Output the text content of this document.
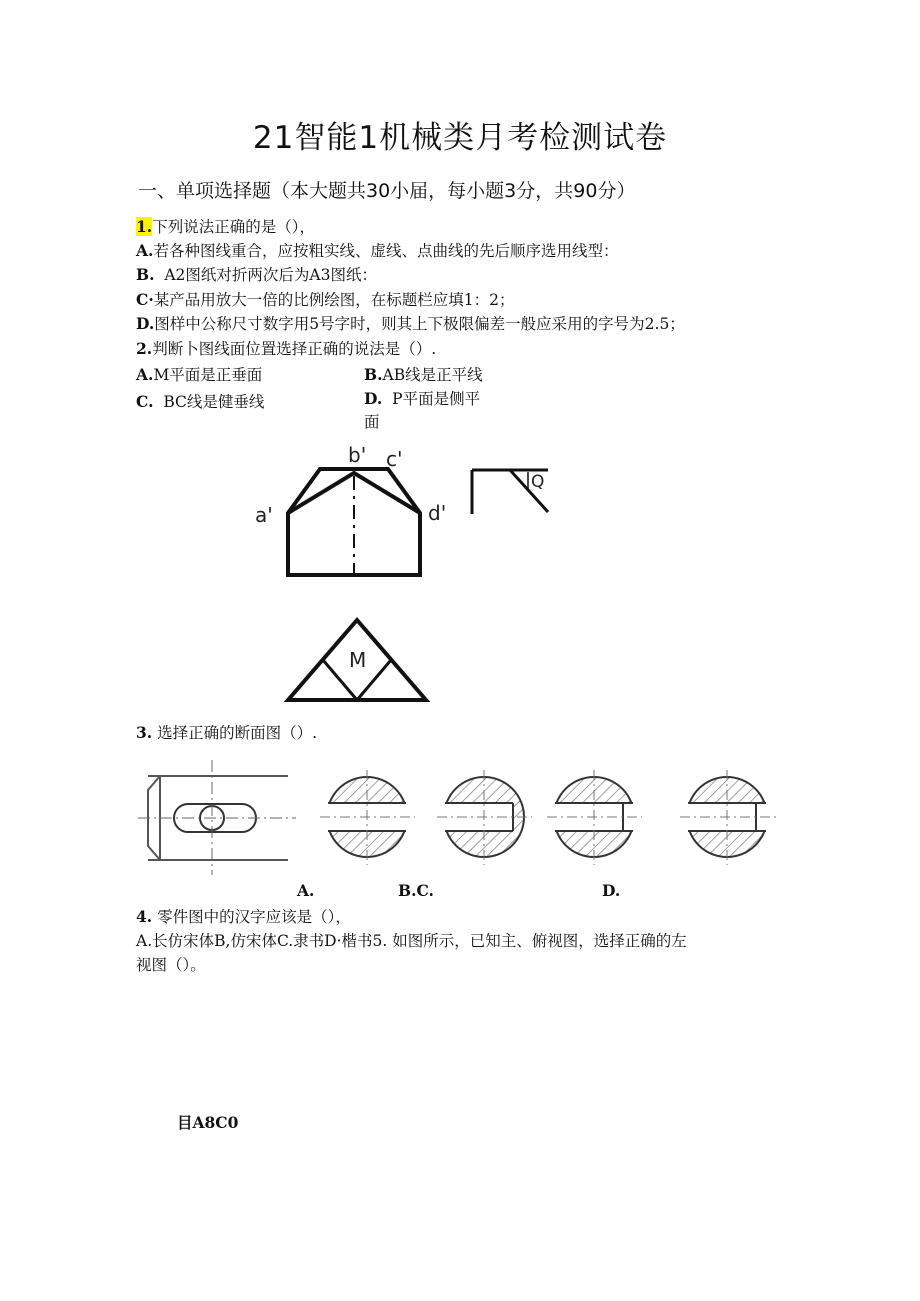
21智能1机械类月考检测试卷
一、单项选择题（本大题共30小届，每小题3分，共90分）
1.下列说法正确的是（），
A.若各种图线重合，应按粗实线、虚线、点曲线的先后顺序选用线型：
B. A2图纸对折两次后为A3图纸：
C·某产品用放大一倍的比例绘图，在标题栏应填1：2；
D.图样中公称尺寸数字用5号字时，则其上下极限偏差一般应采用的字号为2.5；
2.判断卜图线面位置选择正确的说法是（）.
A.M平面是正垂面	B.AB线是正平线
C. BC线是健垂线	D. P平面是侧平
面
b' c'
a'	d'
Q
M
3. 选择正确的断面图（）.
A.	B.C.	D.
4. 零件图中的汉字应该是（），
A.长仿宋体B,仿宋体C.隶书D·楷书5. 如图所示，已知主、俯视图，选择正确的左
视图（）。
目A8C0
